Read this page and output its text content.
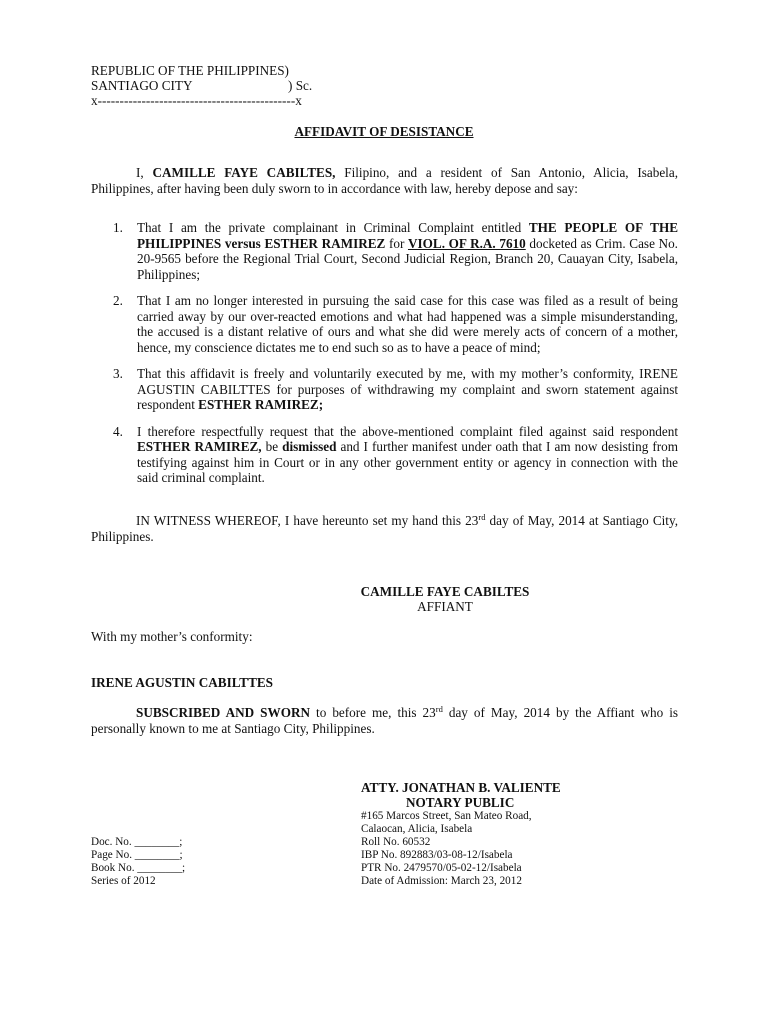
REPUBLIC OF THE PHILIPPINES)
SANTIAGO CITY	) Sc.
x---------------------------------------------x
AFFIDAVIT OF DESISTANCE
I, CAMILLE FAYE CABILTES, Filipino, and a resident of San Antonio, Alicia, Isabela, Philippines, after having been duly sworn to in accordance with law, hereby depose and say:
1. That I am the private complainant in Criminal Complaint entitled THE PEOPLE OF THE PHILIPPINES versus ESTHER RAMIREZ for VIOL. OF R.A. 7610 docketed as Crim. Case No. 20-9565 before the Regional Trial Court, Second Judicial Region, Branch 20, Cauayan City, Isabela, Philippines;
2. That I am no longer interested in pursuing the said case for this case was filed as a result of being carried away by our over-reacted emotions and what had happened was a simple misunderstanding, the accused is a distant relative of ours and what she did were merely acts of concern of a mother, hence, my conscience dictates me to end such so as to have a peace of mind;
3. That this affidavit is freely and voluntarily executed by me, with my mother’s conformity, IRENE AGUSTIN CABILTTES for purposes of withdrawing my complaint and sworn statement against respondent ESTHER RAMIREZ;
4. I therefore respectfully request that the above-mentioned complaint filed against said respondent ESTHER RAMIREZ, be dismissed and I further manifest under oath that I am now desisting from testifying against him in Court or in any other government entity or agency in connection with the said criminal complaint.
IN WITNESS WHEREOF, I have hereunto set my hand this 23rd day of May, 2014 at Santiago City, Philippines.
CAMILLE FAYE CABILTES
AFFIANT
With my mother’s conformity:
IRENE AGUSTIN CABILTTES
SUBSCRIBED AND SWORN to before me, this 23rd day of May, 2014 by the Affiant who is personally known to me at Santiago City, Philippines.
ATTY. JONATHAN B. VALIENTE
NOTARY PUBLIC
#165 Marcos Street, San Mateo Road,
Calaocan, Alicia, Isabela
Roll No. 60532
IBP No. 892883/03-08-12/Isabela
PTR No. 2479570/05-02-12/Isabela
Date of Admission: March 23, 2012
Doc. No. ________;
Page No. ________;
Book No. ________;
Series of 2012
